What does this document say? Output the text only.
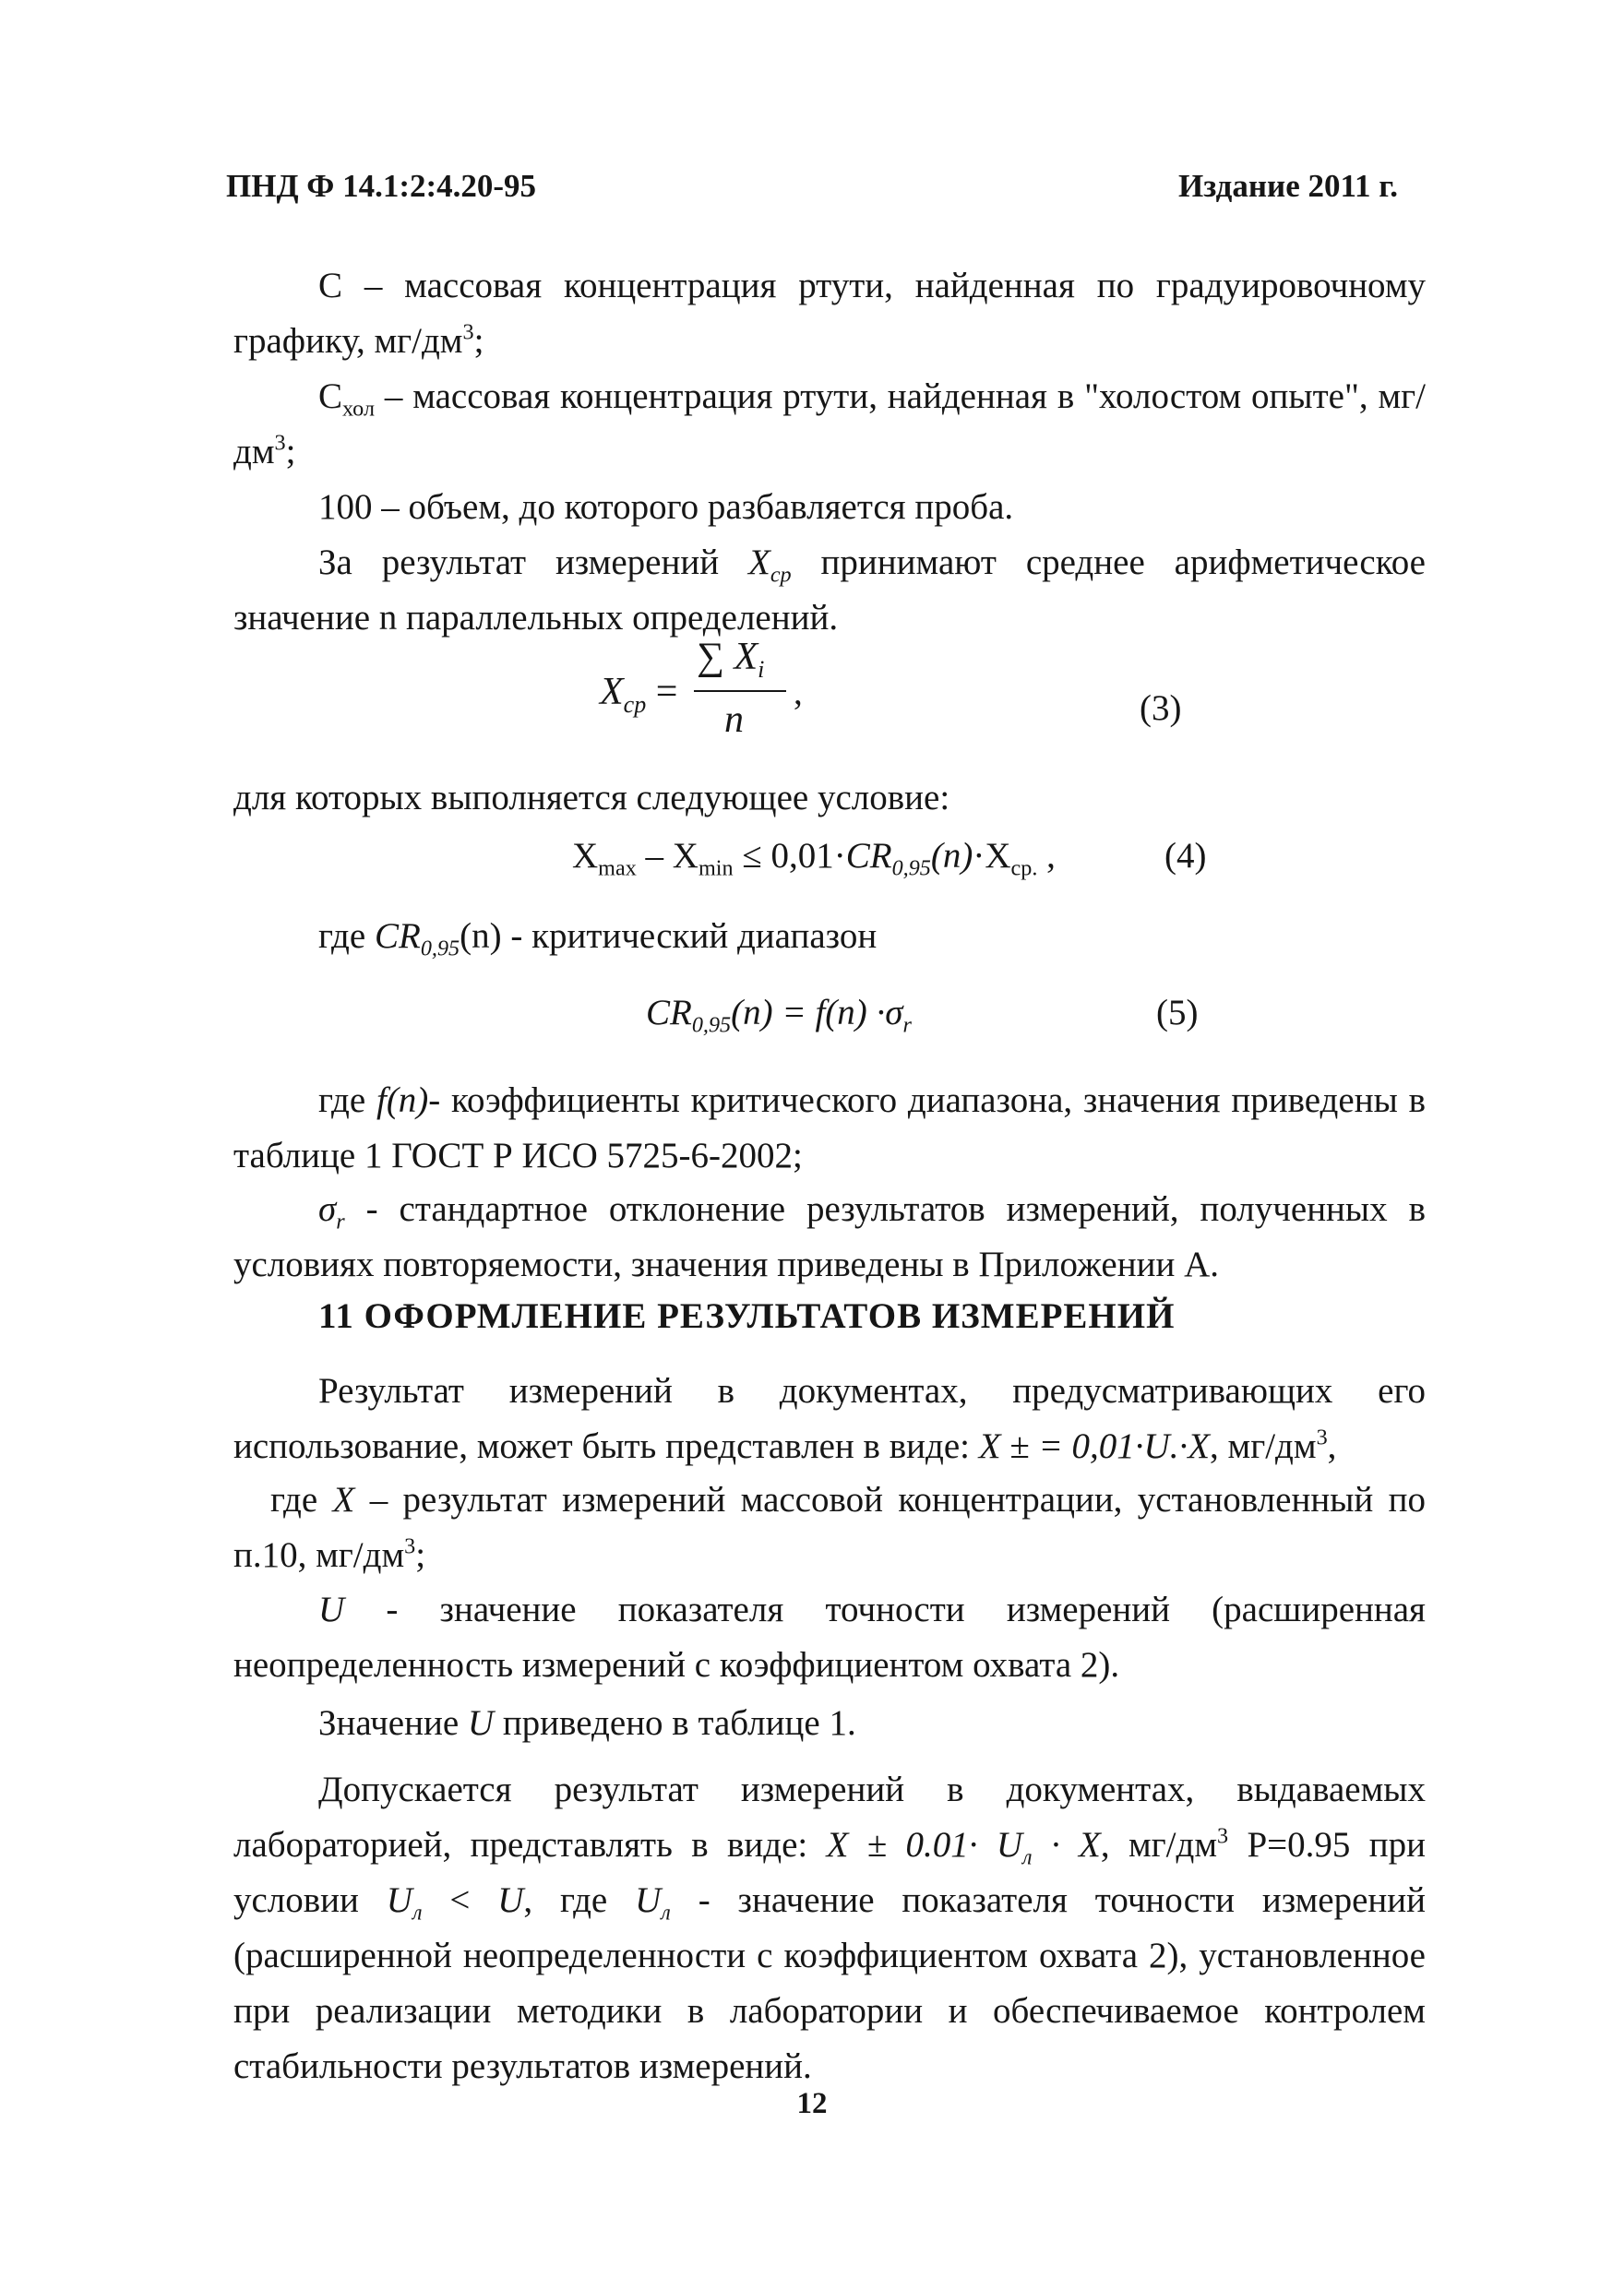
ПНД Ф 14.1:2:4.20-95	Издание 2011 г.
С – массовая концентрация ртути, найденная по градуировочному графику, $мг/дм^3$;
$С_{хол}$ – массовая концентрация ртути, найденная в "холостом опыте", $мг/дм^3$;
100 – объем, до которого разбавляется проба.
За результат измерений $X_{ср}$ принимают среднее арифметическое значение n параллельных определений.
$X_{ср}$ =
∑ $X_i$
n
,	(3)
для которых выполняется следующее условие:
$X_{max} - X_{min} \le 0,01\cdot CR_{0,95}(n)\cdot X_{ср.}$ ,	(4)
где $CR_{0,95}(n)$ - критический диапазон
$CR_{0,95}(n) = f(n) \cdot\sigma_r$	(5)
где f(n)- коэффициенты критического диапазона, значения приведены в таблице 1 ГОСТ Р ИСО 5725-6-2002;
$\sigma_r$ - стандартное отклонение результатов измерений, полученных в условиях повторяемости, значения приведены в Приложении А.
11 ОФОРМЛЕНИЕ РЕЗУЛЬТАТОВ ИЗМЕРЕНИЙ
Результат измерений в документах, предусматривающих его использование, может быть представлен в виде: X ± = 0,01·U.·X, $мг/дм^3$,
где X – результат измерений массовой концентрации, установленный по п.10, $мг/дм^3$;
U - значение показателя точности измерений (расширенная неопределенность измерений с коэффициентом охвата 2).
Значение U приведено в таблице 1.
Допускается результат измерений в документах, выдаваемых лабораторией, представлять в виде: $X \pm 0.01\cdot U_л \cdot X$, $мг/дм^3$ P=0.95 при условии $U_л < U$, где $U_л$ - значение показателя точности измерений (расширенной неопределенности с коэффициентом охвата 2), установленное при реализации методики в лаборатории и обеспечиваемое контролем стабильности результатов измерений.
12
